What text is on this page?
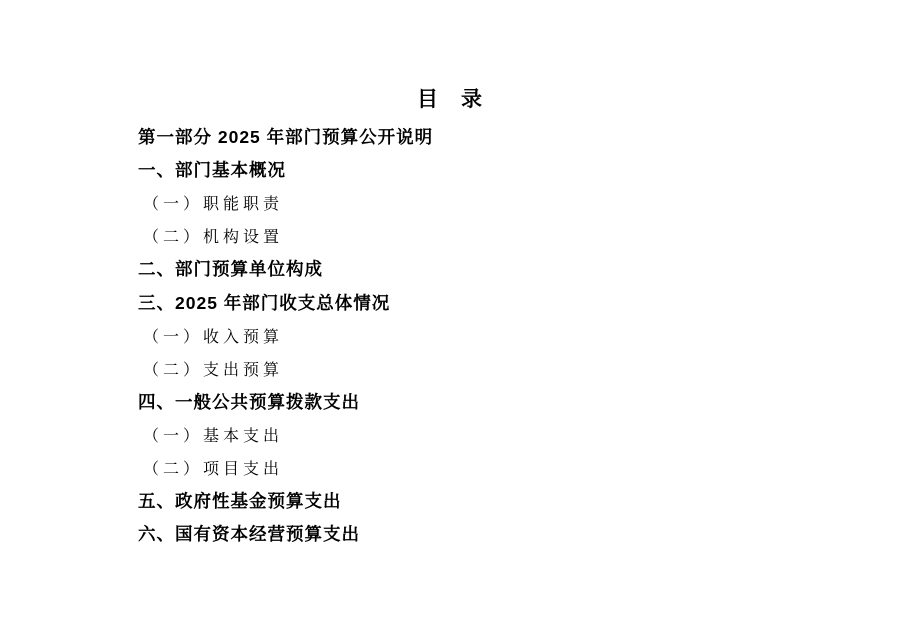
目　录
第一部分 2025 年部门预算公开说明
一、部门基本概况
（一）职能职责
（二）机构设置
二、部门预算单位构成
三、2025 年部门收支总体情况
（一）收入预算
（二）支出预算
四、一般公共预算拨款支出
（一）基本支出
（二）项目支出
五、政府性基金预算支出
六、国有资本经营预算支出
